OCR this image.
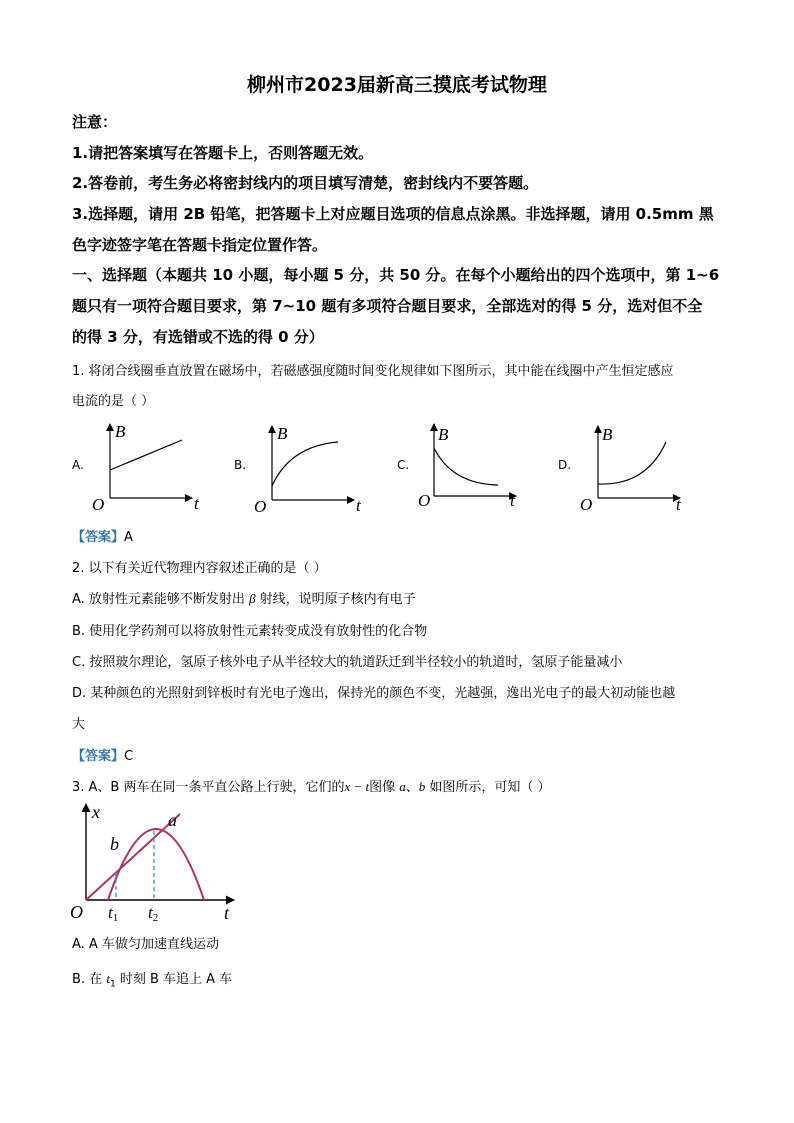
柳州市2023届新高三摸底考试物理
注意：
1.请把答案填写在答题卡上，否则答题无效。
2.答卷前，考生务必将密封线内的项目填写清楚，密封线内不要答题。
3.选择题，请用 2B 铅笔，把答题卡上对应题目选项的信息点涂黑。非选择题，请用 0.5mm 黑
色字迹签字笔在答题卡指定位置作答。
一、选择题（本题共 10 小题，每小题 5 分，共 50 分。在每个小题给出的四个选项中，第 1~6
题只有一项符合题目要求，第 7~10 题有多项符合题目要求，全部选对的得 5 分，选对但不全
的得 3 分，有选错或不选的得 0 分）
1. 将闭合线圈垂直放置在磁场中，若磁感强度随时间变化规律如下图所示，其中能在线圈中产生恒定感应
电流的是（ ）
A.	B.	C.	D.
B
t
O
B
t
O
B
t
O
B
t
O
【答案】A
2. 以下有关近代物理内容叙述正确的是（ ）
A. 放射性元素能够不断发射出 β 射线，说明原子核内有电子
B. 使用化学药剂可以将放射性元素转变成没有放射性的化合物
C. 按照玻尔理论，氢原子核外电子从半径较大的轨道跃迁到半径较小的轨道时，氢原子能量减小
D. 某种颜色的光照射到锌板时有光电子逸出，保持光的颜色不变，光越强，逸出光电子的最大初动能也越
大
【答案】C
3. A、B 两车在同一条平直公路上行驶，它们的x − t图像 a、b 如图所示，可知（ ）
x
t
O
a
b
t1 t2
A. A 车做匀加速直线运动
B. 在 $t_1$ 时刻 B 车追上 A 车
